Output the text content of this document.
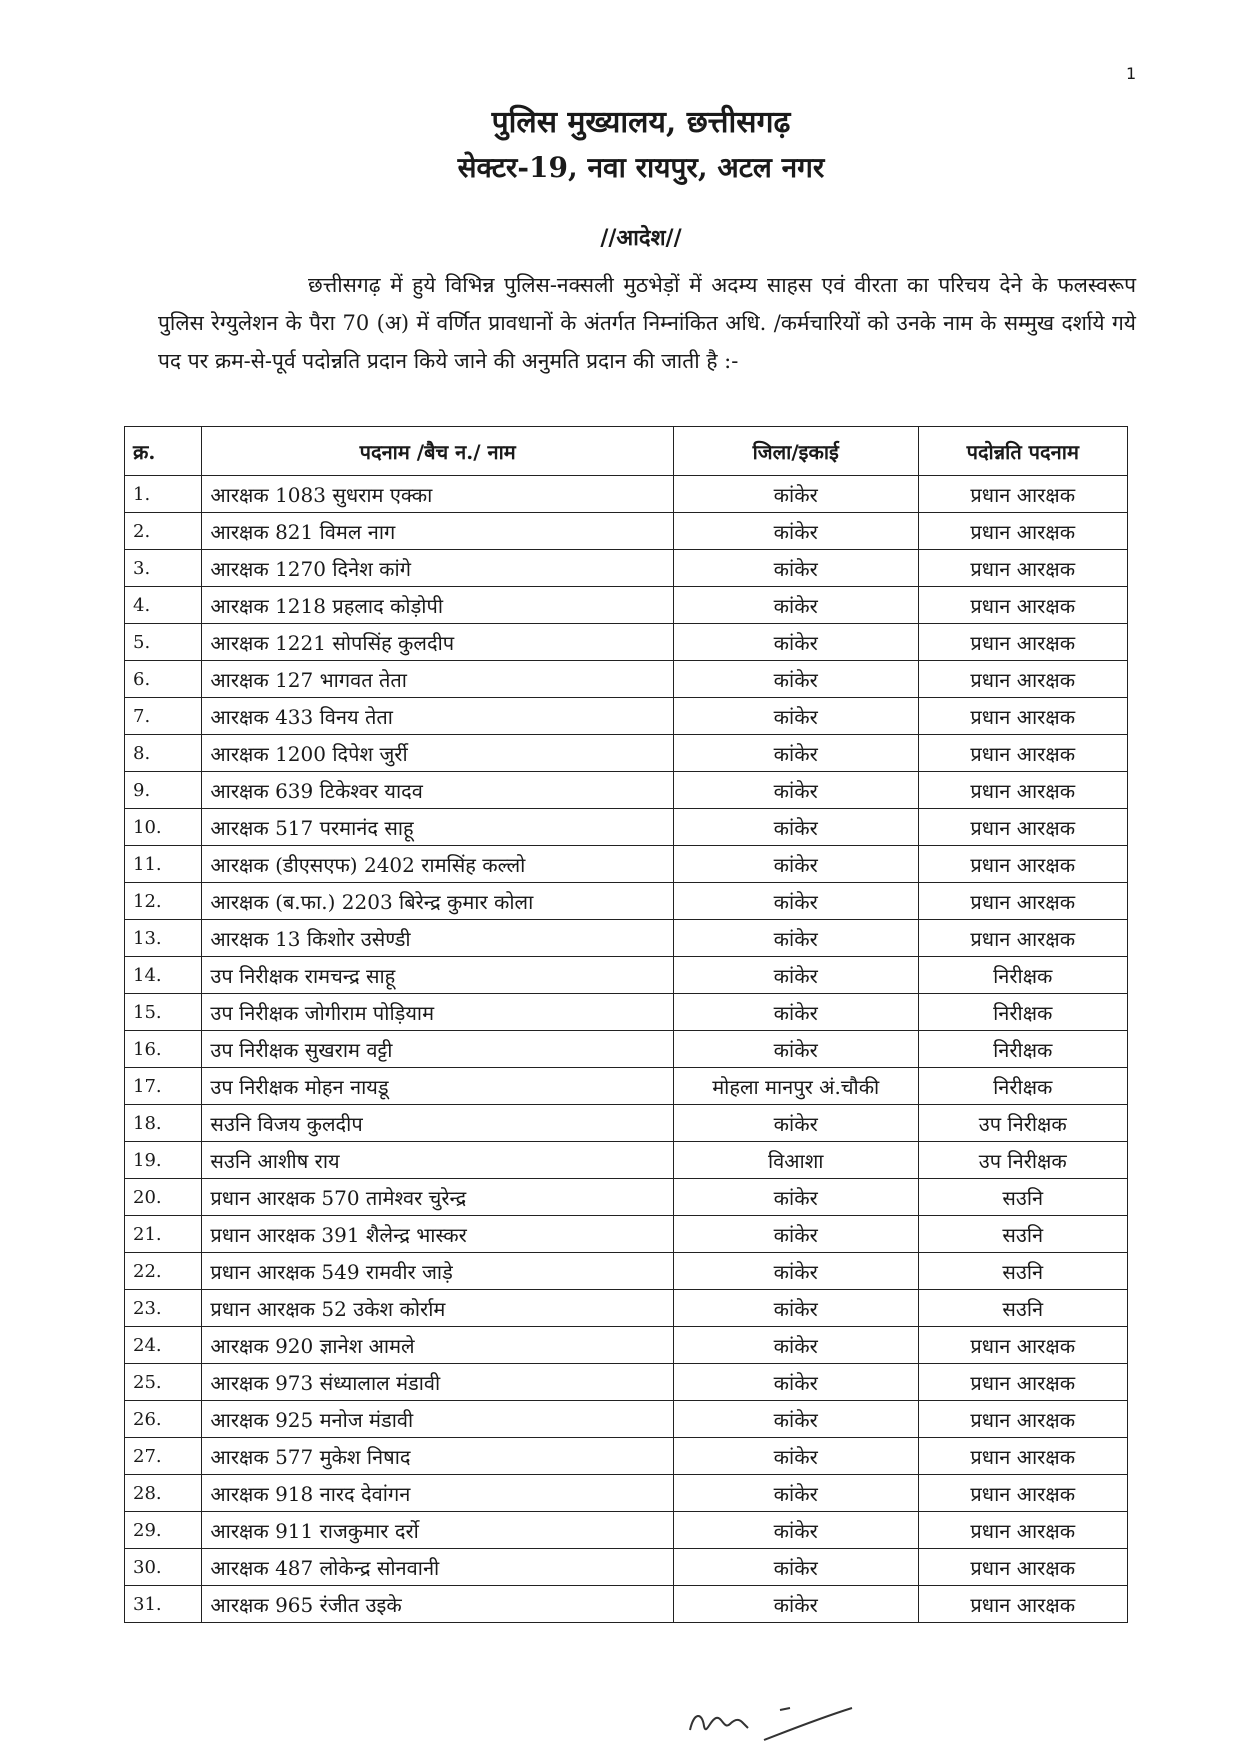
1
पुलिस मुख्यालय, छत्तीसगढ़
सेक्टर-19, नवा रायपुर, अटल नगर
//आदेश//
छत्तीसगढ़ में हुये विभिन्न पुलिस-नक्सली मुठभेड़ों में अदम्य साहस एवं वीरता का परिचय देने के फलस्वरूप पुलिस रेग्युलेशन के पैरा 70 (अ) में वर्णित प्रावधानों के अंतर्गत निम्नांकित अधि. /कर्मचारियों को उनके नाम के सम्मुख दर्शाये गये पद पर क्रम-से-पूर्व पदोन्नति प्रदान किये जाने की अनुमति प्रदान की जाती है :-
क्र.	पदनाम /बैच न./ नाम	जिला/इकाई	पदोन्नति पदनाम
1.	आरक्षक 1083 सुधराम एक्का	कांकेर	प्रधान आरक्षक
2.	आरक्षक 821 विमल नाग	कांकेर	प्रधान आरक्षक
3.	आरक्षक 1270 दिनेश कांगे	कांकेर	प्रधान आरक्षक
4.	आरक्षक 1218 प्रहलाद कोड़ोपी	कांकेर	प्रधान आरक्षक
5.	आरक्षक 1221 सोपसिंह कुलदीप	कांकेर	प्रधान आरक्षक
6.	आरक्षक 127 भागवत तेता	कांकेर	प्रधान आरक्षक
7.	आरक्षक 433 विनय तेता	कांकेर	प्रधान आरक्षक
8.	आरक्षक 1200 दिपेश जुर्री	कांकेर	प्रधान आरक्षक
9.	आरक्षक 639 टिकेश्वर यादव	कांकेर	प्रधान आरक्षक
10.	आरक्षक 517 परमानंद साहू	कांकेर	प्रधान आरक्षक
11.	आरक्षक (डीएसएफ) 2402 रामसिंह कल्लो	कांकेर	प्रधान आरक्षक
12.	आरक्षक (ब.फा.) 2203 बिरेन्द्र कुमार कोला	कांकेर	प्रधान आरक्षक
13.	आरक्षक 13 किशोर उसेण्डी	कांकेर	प्रधान आरक्षक
14.	उप निरीक्षक रामचन्द्र साहू	कांकेर	निरीक्षक
15.	उप निरीक्षक जोगीराम पोड़ियाम	कांकेर	निरीक्षक
16.	उप निरीक्षक सुखराम वट्टी	कांकेर	निरीक्षक
17.	उप निरीक्षक मोहन नायडू	मोहला मानपुर अं.चौकी	निरीक्षक
18.	सउनि विजय कुलदीप	कांकेर	उप निरीक्षक
19.	सउनि आशीष राय	विआशा	उप निरीक्षक
20.	प्रधान आरक्षक 570 तामेश्वर चुरेन्द्र	कांकेर	सउनि
21.	प्रधान आरक्षक 391 शैलेन्द्र भास्कर	कांकेर	सउनि
22.	प्रधान आरक्षक 549 रामवीर जाड़े	कांकेर	सउनि
23.	प्रधान आरक्षक 52 उकेश कोर्राम	कांकेर	सउनि
24.	आरक्षक 920 ज्ञानेश आमले	कांकेर	प्रधान आरक्षक
25.	आरक्षक 973 संध्यालाल मंडावी	कांकेर	प्रधान आरक्षक
26.	आरक्षक 925 मनोज मंडावी	कांकेर	प्रधान आरक्षक
27.	आरक्षक 577 मुकेश निषाद	कांकेर	प्रधान आरक्षक
28.	आरक्षक 918 नारद देवांगन	कांकेर	प्रधान आरक्षक
29.	आरक्षक 911 राजकुमार दर्रो	कांकेर	प्रधान आरक्षक
30.	आरक्षक 487 लोकेन्द्र सोनवानी	कांकेर	प्रधान आरक्षक
31.	आरक्षक 965 रंजीत उइके	कांकेर	प्रधान आरक्षक
